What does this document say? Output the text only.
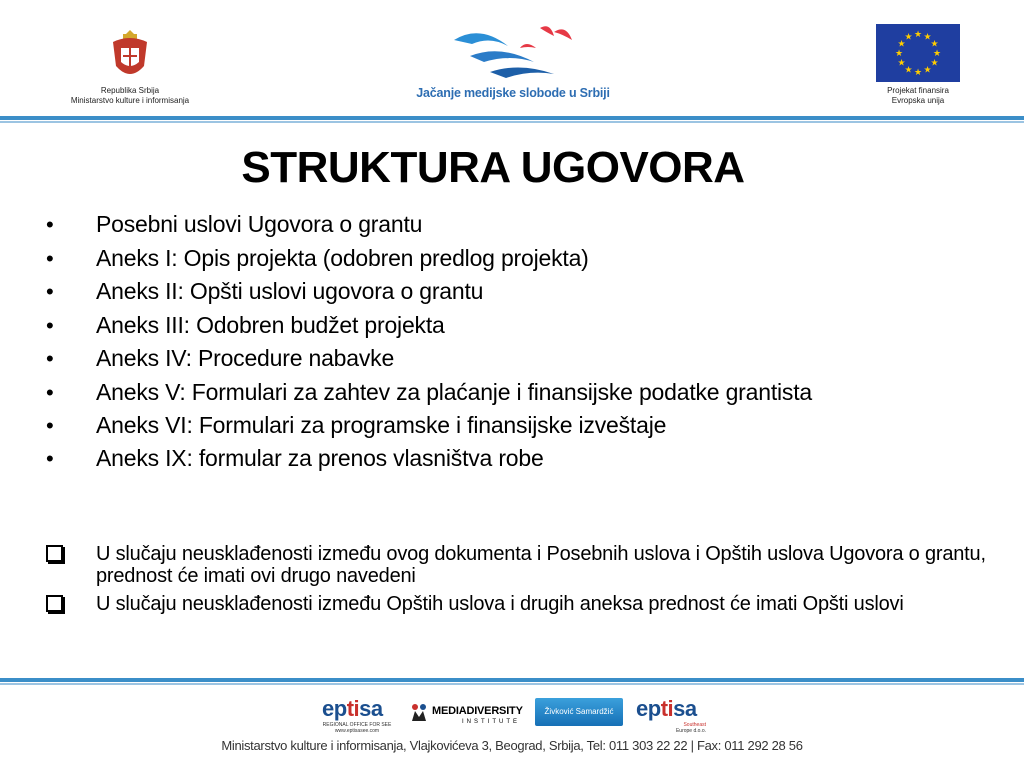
Republika Srbija
Ministarstvo kulture i informisanja
Jačanje medijske slobode u Srbiji
★ ★
★
★
★
★
★
★
★
★
★
★
Projekat finansira
Evropska unija
STRUKTURA UGOVORA
• Posebni uslovi Ugovora o grantu
• Aneks I: Opis projekta (odobren predlog projekta)
• Aneks II: Opšti uslovi ugovora o grantu
• Aneks III: Odobren budžet projekta
• Aneks IV: Procedure nabavke
• Aneks V: Formulari za zahtev za plaćanje i finansijske podatke grantista
• Aneks VI: Formulari za programske i finansijske izveštaje
• Aneks IX: formular za prenos vlasništva robe
U slučaju neusklađenosti između ovog dokumenta i Posebnih uslova i Opštih uslova Ugovora o grantu, prednost će imati ovi drugo navedeni
U slučaju neusklađenosti između Opštih uslova i drugih aneksa prednost će imati Opšti uslovi
eptisa
REGIONAL OFFICE FOR SEE
www.eptisasee.com
MEDIADIVERSITY
INSTITUTE
Živković Samardžić	eptisa
Southeast
Europe d.o.o.
Ministarstvo kulture i informisanja, Vlajkovićeva 3, Beograd, Srbija, Tel: 011 303 22 22 | Fax: 011 292 28 56
